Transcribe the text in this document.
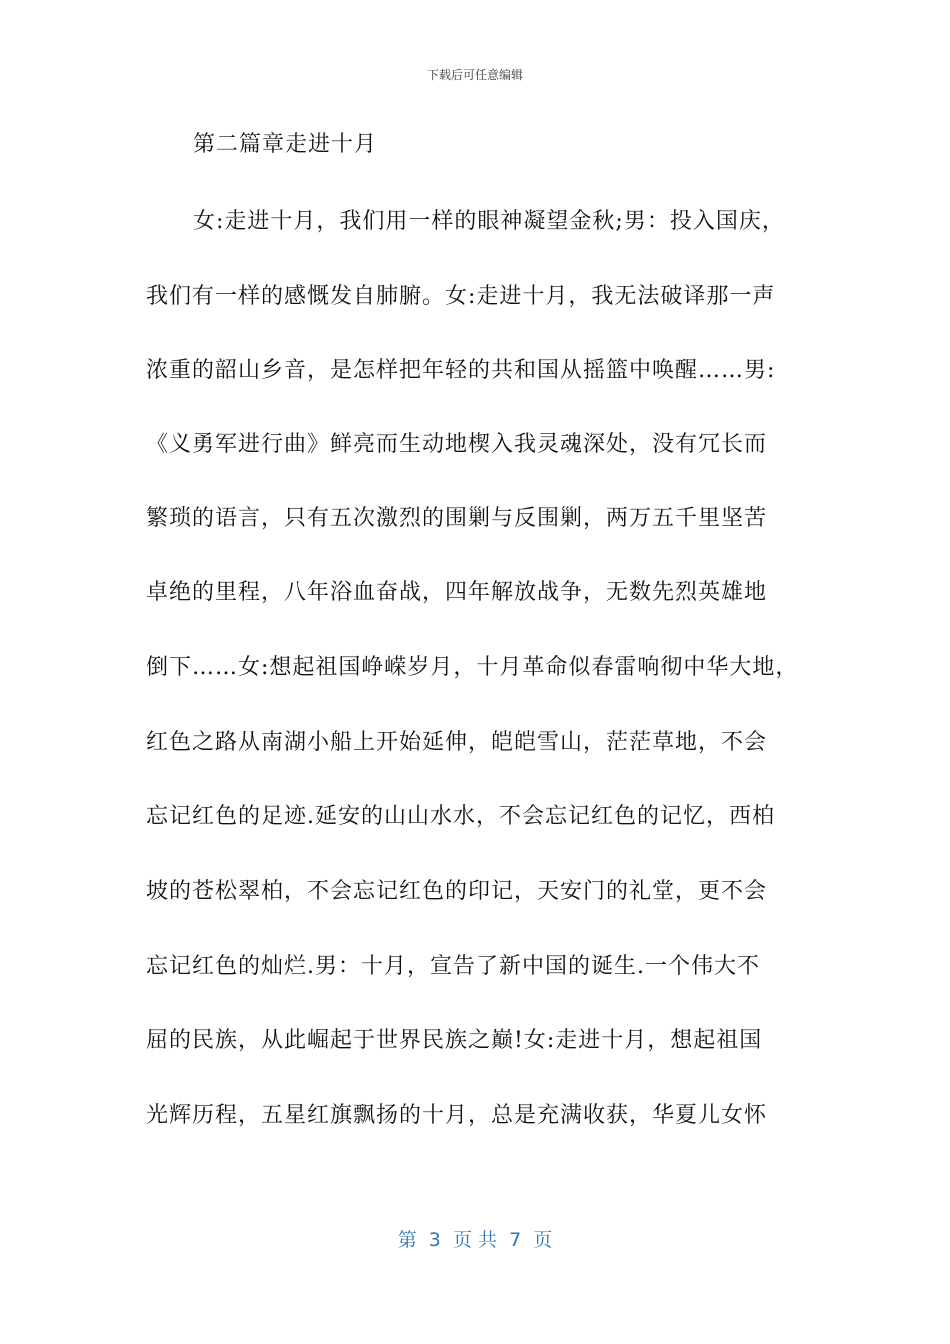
下载后可任意编辑
第二篇章走进十月
女:走进十月，我们用一样的眼神凝望金秋;男：投入国庆，
我们有一样的感慨发自肺腑。女:走进十月，我无法破译那一声
浓重的韶山乡音，是怎样把年轻的共和国从摇篮中唤醒……男:
《义勇军进行曲》鲜亮而生动地楔入我灵魂深处，没有冗长而
繁琐的语言，只有五次激烈的围剿与反围剿，两万五千里坚苦
卓绝的里程，八年浴血奋战，四年解放战争，无数先烈英雄地
倒下……女:想起祖国峥嵘岁月，十月革命似春雷响彻中华大地，
红色之路从南湖小船上开始延伸，皑皑雪山，茫茫草地，不会
忘记红色的足迹.延安的山山水水，不会忘记红色的记忆，西柏
坡的苍松翠柏，不会忘记红色的印记，天安门的礼堂，更不会
忘记红色的灿烂.男：十月，宣告了新中国的诞生.一个伟大不
屈的民族，从此崛起于世界民族之巅!女:走进十月，想起祖国
光辉历程，五星红旗飘扬的十月，总是充满收获，华夏儿女怀
第  3  页 共  7  页
